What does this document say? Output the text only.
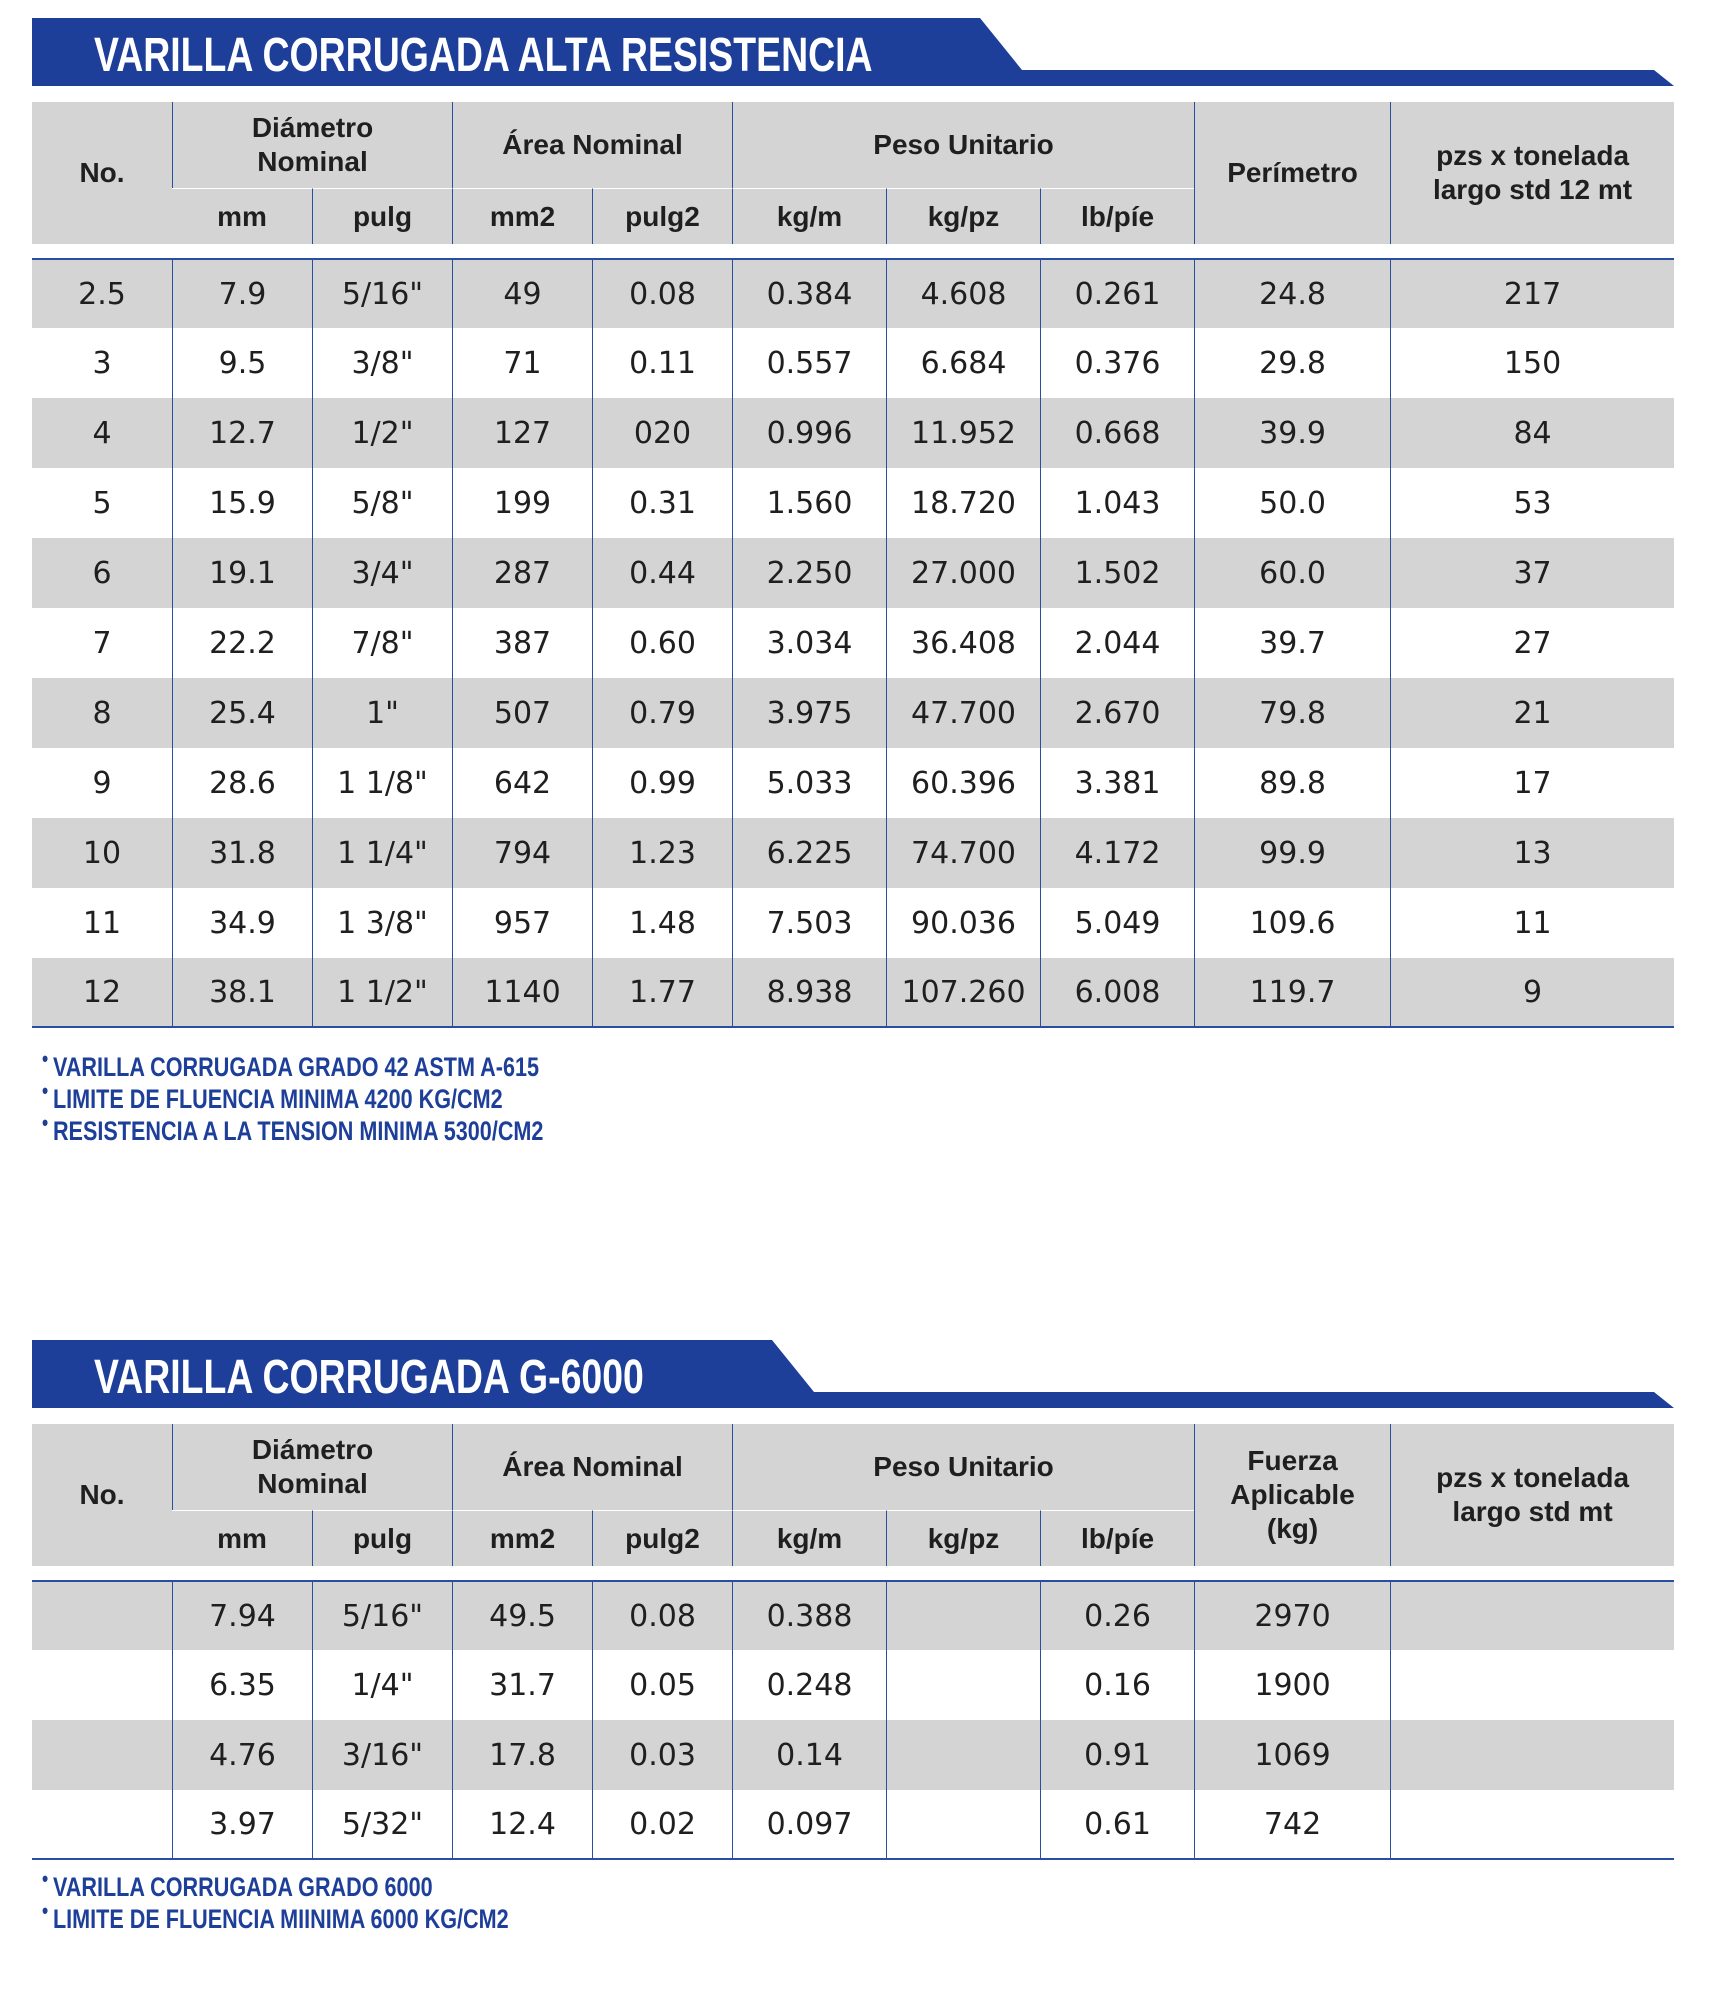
VARILLA CORRUGADA ALTA RESISTENCIA
No.	Diámetro Nominal		Área Nominal		Peso Unitario			Perímetro	pzs x tonelada largo std 12 mt
	mm	pulg	mm2	pulg2	kg/m	kg/pz	lb/píe		

2.5	7.9	5/16"	49	0.08	0.384	4.608	0.261	24.8	217
3	9.5	3/8"	71	0.11	0.557	6.684	0.376	29.8	150
4	12.7	1/2"	127	020	0.996	11.952	0.668	39.9	84
5	15.9	5/8"	199	0.31	1.560	18.720	1.043	50.0	53
6	19.1	3/4"	287	0.44	2.250	27.000	1.502	60.0	37
7	22.2	7/8"	387	0.60	3.034	36.408	2.044	39.7	27
8	25.4	1"	507	0.79	3.975	47.700	2.670	79.8	21
9	28.6	1 1/8"	642	0.99	5.033	60.396	3.381	89.8	17
10	31.8	1 1/4"	794	1.23	6.225	74.700	4.172	99.9	13
11	34.9	1 3/8"	957	1.48	7.503	90.036	5.049	109.6	11
12	38.1	1 1/2"	1140	1.77	8.938	107.260	6.008	119.7	9
• VARILLA CORRUGADA GRADO 42 ASTM A-615
• LIMITE DE FLUENCIA MINIMA 4200 KG/CM2
• RESISTENCIA A LA TENSION MINIMA 5300/CM2
VARILLA CORRUGADA G-6000
No.	Diámetro Nominal		Área Nominal		Peso Unitario			Fuerza Aplicable (kg)	pzs x tonelada largo std mt
	mm	pulg	mm2	pulg2	kg/m	kg/pz	lb/píe		

	7.94	5/16"	49.5	0.08	0.388		0.26	2970	
	6.35	1/4"	31.7	0.05	0.248		0.16	1900	
	4.76	3/16"	17.8	0.03	0.14		0.91	1069	
	3.97	5/32"	12.4	0.02	0.097		0.61	742	
• VARILLA CORRUGADA GRADO 6000
• LIMITE DE FLUENCIA MIINIMA 6000 KG/CM2
